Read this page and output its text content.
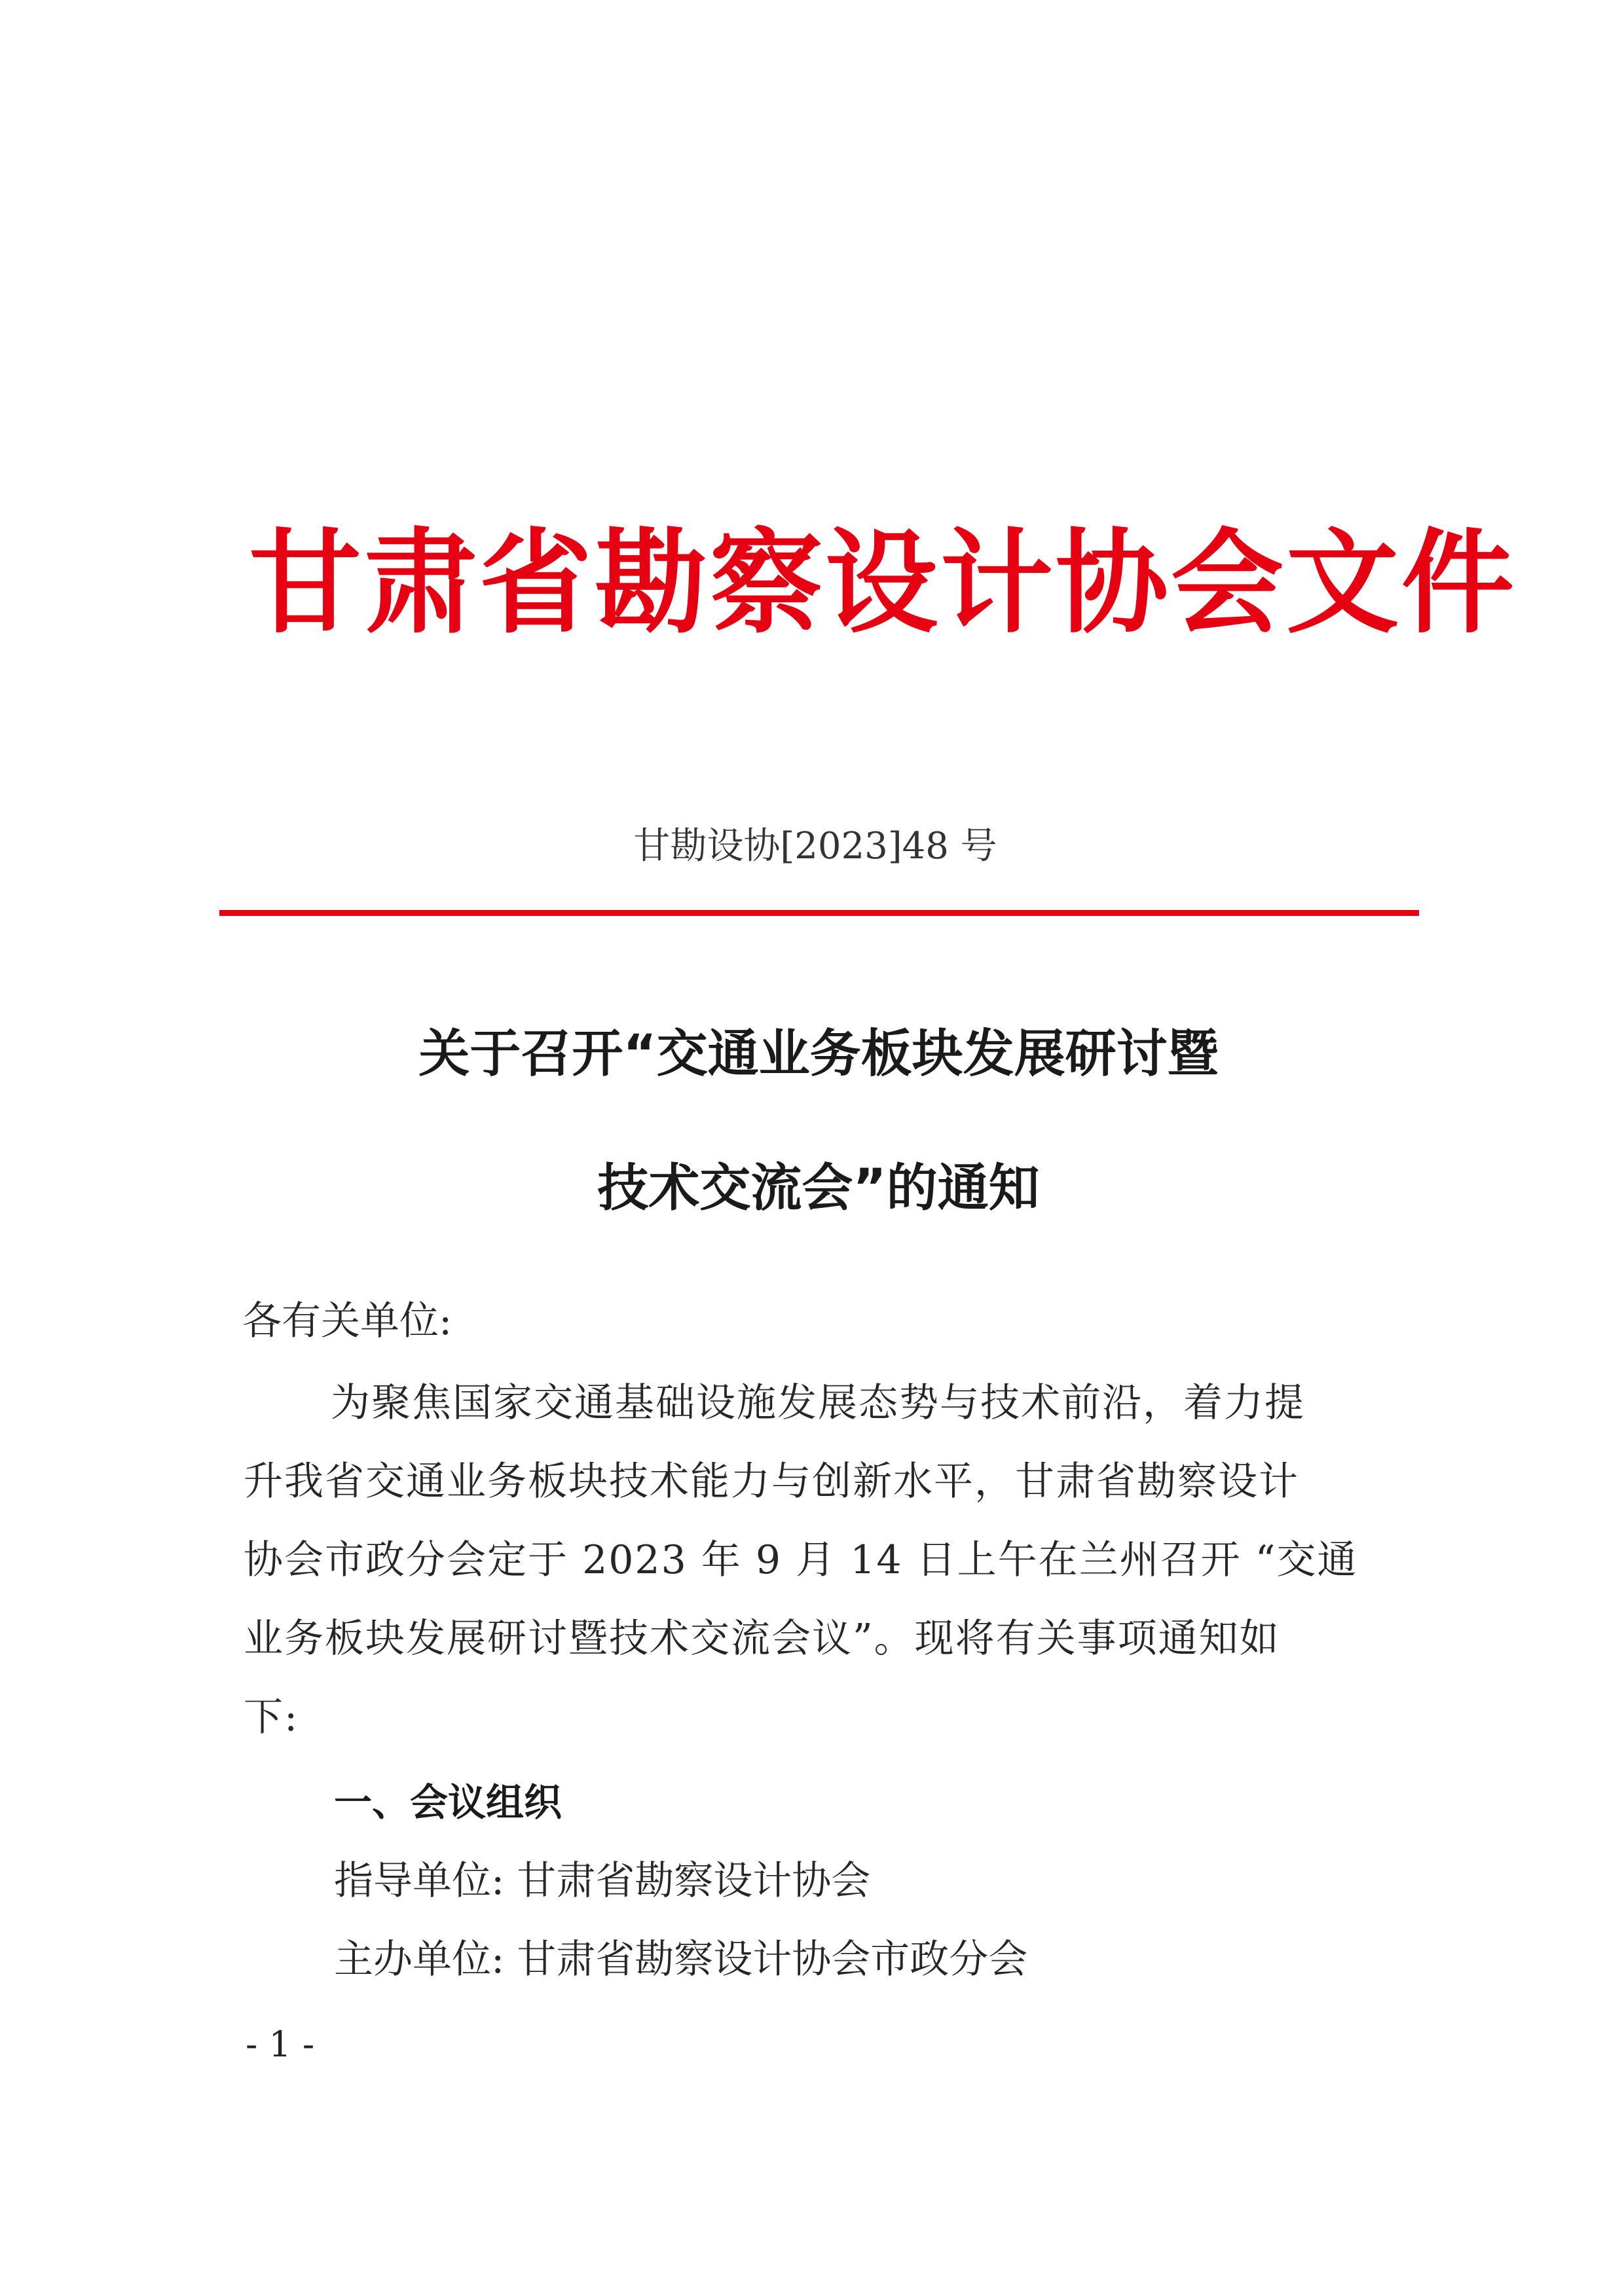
甘肃省勘察设计协会文件
甘勘设协[2023]48 号
关于召开“交通业务板块发展研讨暨
技术交流会”的通知
各有关单位:
为聚焦国家交通基础设施发展态势与技术前沿，着力提
升我省交通业务板块技术能力与创新水平，甘肃省勘察设计
协会市政分会定于 2023 年 9 月 14 日上午在兰州召开 “交通
业务板块发展研讨暨技术交流会议”。现将有关事项通知如
下:
一、会议组织
指导单位: 甘肃省勘察设计协会
主办单位: 甘肃省勘察设计协会市政分会
- 1 -
